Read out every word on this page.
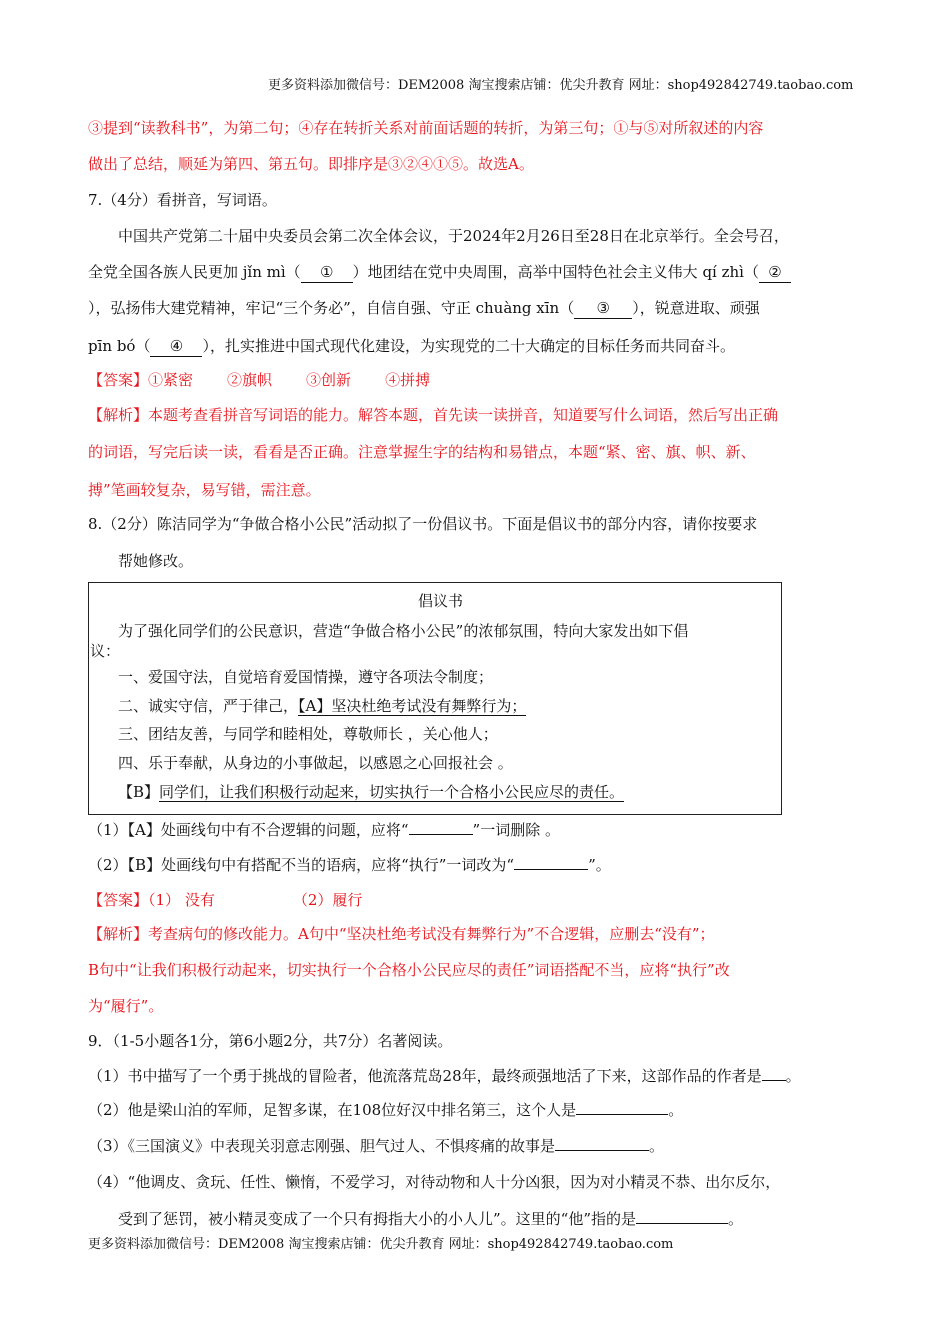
更多资料添加微信号：DEM2008 淘宝搜索店铺：优尖升教育 网址：shop492842749.taobao.com
③提到“读教科书”，为第二句；④存在转折关系对前面话题的转折，为第三句；①与⑤对所叙述的内容
做出了总结，顺延为第四、第五句。即排序是③②④①⑤。故选A。
7.（4分）看拼音，写词语。
中国共产党第二十届中央委员会第二次全体会议，于2024年2月26日至28日在北京举行。全会号召，
全党全国各族人民更加 jǐn mì（ ① ）地团结在党中央周围，高举中国特色社会主义伟大 qí zhì（ ②
），弘扬伟大建党精神，牢记“三个务必”，自信自强、守正 chuàng xīn（ ③ ），锐意进取、顽强
pīn bó（ ④ ），扎实推进中国式现代化建设，为实现党的二十大确定的目标任务而共同奋斗。
【答案】①紧密 ②旗帜 ③创新 ④拼搏
【解析】本题考查看拼音写词语的能力。解答本题，首先读一读拼音，知道要写什么词语，然后写出正确
的词语，写完后读一读，看看是否正确。注意掌握生字的结构和易错点，本题“紧、密、旗、帜、新、
搏”笔画较复杂，易写错，需注意。
8.（2分）陈洁同学为“争做合格小公民”活动拟了一份倡议书。下面是倡议书的部分内容，请你按要求
帮她修改。
倡议书
为了强化同学们的公民意识，营造“争做合格小公民”的浓郁氛围，特向大家发出如下倡
议：
一、爱国守法，自觉培育爱国情操，遵守各项法令制度；
二、诚实守信，严于律己，【A】坚决杜绝考试没有舞弊行为；
三、团结友善，与同学和睦相处，尊敬师长 ，关心他人；
四、乐于奉献，从身边的小事做起，以感恩之心回报社会 。
【B】同学们，让我们积极行动起来，切实执行一个合格小公民应尽的责任。
（1）【A】处画线句中有不合逻辑的问题，应将“	”一词删除 。
（2）【B】处画线句中有搭配不当的语病，应将“执行”一词改为“	”。
【答案】（1） 没有	（2）履行
【解析】考查病句的修改能力。A句中“坚决杜绝考试没有舞弊行为”不合逻辑，应删去“没有”；
B句中“让我们积极行动起来，切实执行一个合格小公民应尽的责任”词语搭配不当，应将“执行”改
为“履行”。
9．（1-5小题各1分，第6小题2分，共7分）名著阅读。
（1）书中描写了一个勇于挑战的冒险者，他流落荒岛28年，最终顽强地活了下来，这部作品的作者是 。
（2）他是梁山泊的军师，足智多谋，在108位好汉中排名第三，这个人是	。
（3）《三国演义》中表现关羽意志刚强、胆气过人、不惧疼痛的故事是	。
（4）“他调皮、贪玩、任性、懒惰，不爱学习，对待动物和人十分凶狠，因为对小精灵不恭、出尔反尔，
受到了惩罚，被小精灵变成了一个只有拇指大小的小人儿”。这里的“他”指的是	。
更多资料添加微信号：DEM2008 淘宝搜索店铺：优尖升教育 网址：shop492842749.taobao.com
